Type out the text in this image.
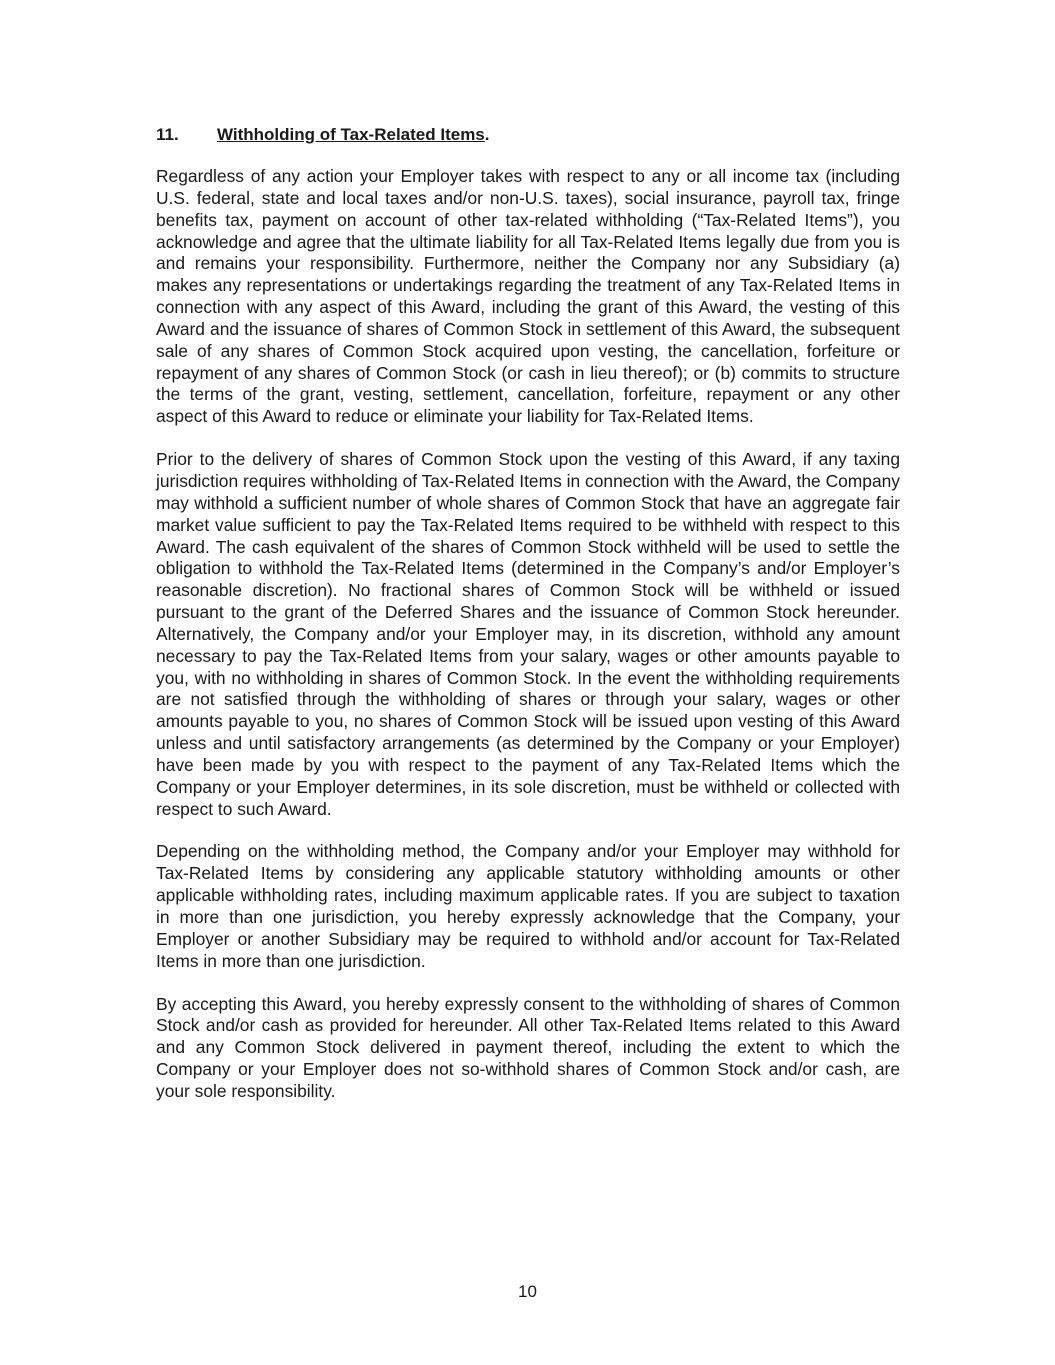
11. Withholding of Tax-Related Items.

Regardless of any action your Employer takes with respect to any or all income tax (including U.S. federal, state and local taxes and/or non-U.S. taxes), social insurance, payroll tax, fringe benefits tax, payment on account of other tax-related withholding (“Tax-Related Items”), you acknowledge and agree that the ultimate liability for all Tax-Related Items legally due from you is and remains your responsibility. Furthermore, neither the Company nor any Subsidiary (a) makes any representations or undertakings regarding the treatment of any Tax-Related Items in connection with any aspect of this Award, including the grant of this Award, the vesting of this Award and the issuance of shares of Common Stock in settlement of this Award, the subsequent sale of any shares of Common Stock acquired upon vesting, the cancellation, forfeiture or repayment of any shares of Common Stock (or cash in lieu thereof); or (b) commits to structure the terms of the grant, vesting, settlement, cancellation, forfeiture, repayment or any other aspect of this Award to reduce or eliminate your liability for Tax-Related Items.

Prior to the delivery of shares of Common Stock upon the vesting of this Award, if any taxing jurisdiction requires withholding of Tax-Related Items in connection with the Award, the Company may withhold a sufficient number of whole shares of Common Stock that have an aggregate fair market value sufficient to pay the Tax-Related Items required to be withheld with respect to this Award. The cash equivalent of the shares of Common Stock withheld will be used to settle the obligation to withhold the Tax-Related Items (determined in the Company’s and/or Employer’s reasonable discretion). No fractional shares of Common Stock will be withheld or issued pursuant to the grant of the Deferred Shares and the issuance of Common Stock hereunder. Alternatively, the Company and/or your Employer may, in its discretion, withhold any amount necessary to pay the Tax-Related Items from your salary, wages or other amounts payable to you, with no withholding in shares of Common Stock. In the event the withholding requirements are not satisfied through the withholding of shares or through your salary, wages or other amounts payable to you, no shares of Common Stock will be issued upon vesting of this Award unless and until satisfactory arrangements (as determined by the Company or your Employer) have been made by you with respect to the payment of any Tax-Related Items which the Company or your Employer determines, in its sole discretion, must be withheld or collected with respect to such Award.

Depending on the withholding method, the Company and/or your Employer may withhold for Tax-Related Items by considering any applicable statutory withholding amounts or other applicable withholding rates, including maximum applicable rates. If you are subject to taxation in more than one jurisdiction, you hereby expressly acknowledge that the Company, your Employer or another Subsidiary may be required to withhold and/or account for Tax-Related Items in more than one jurisdiction.

By accepting this Award, you hereby expressly consent to the withholding of shares of Common Stock and/or cash as provided for hereunder. All other Tax-Related Items related to this Award and any Common Stock delivered in payment thereof, including the extent to which the Company or your Employer does not so-withhold shares of Common Stock and/or cash, are your sole responsibility.

10
